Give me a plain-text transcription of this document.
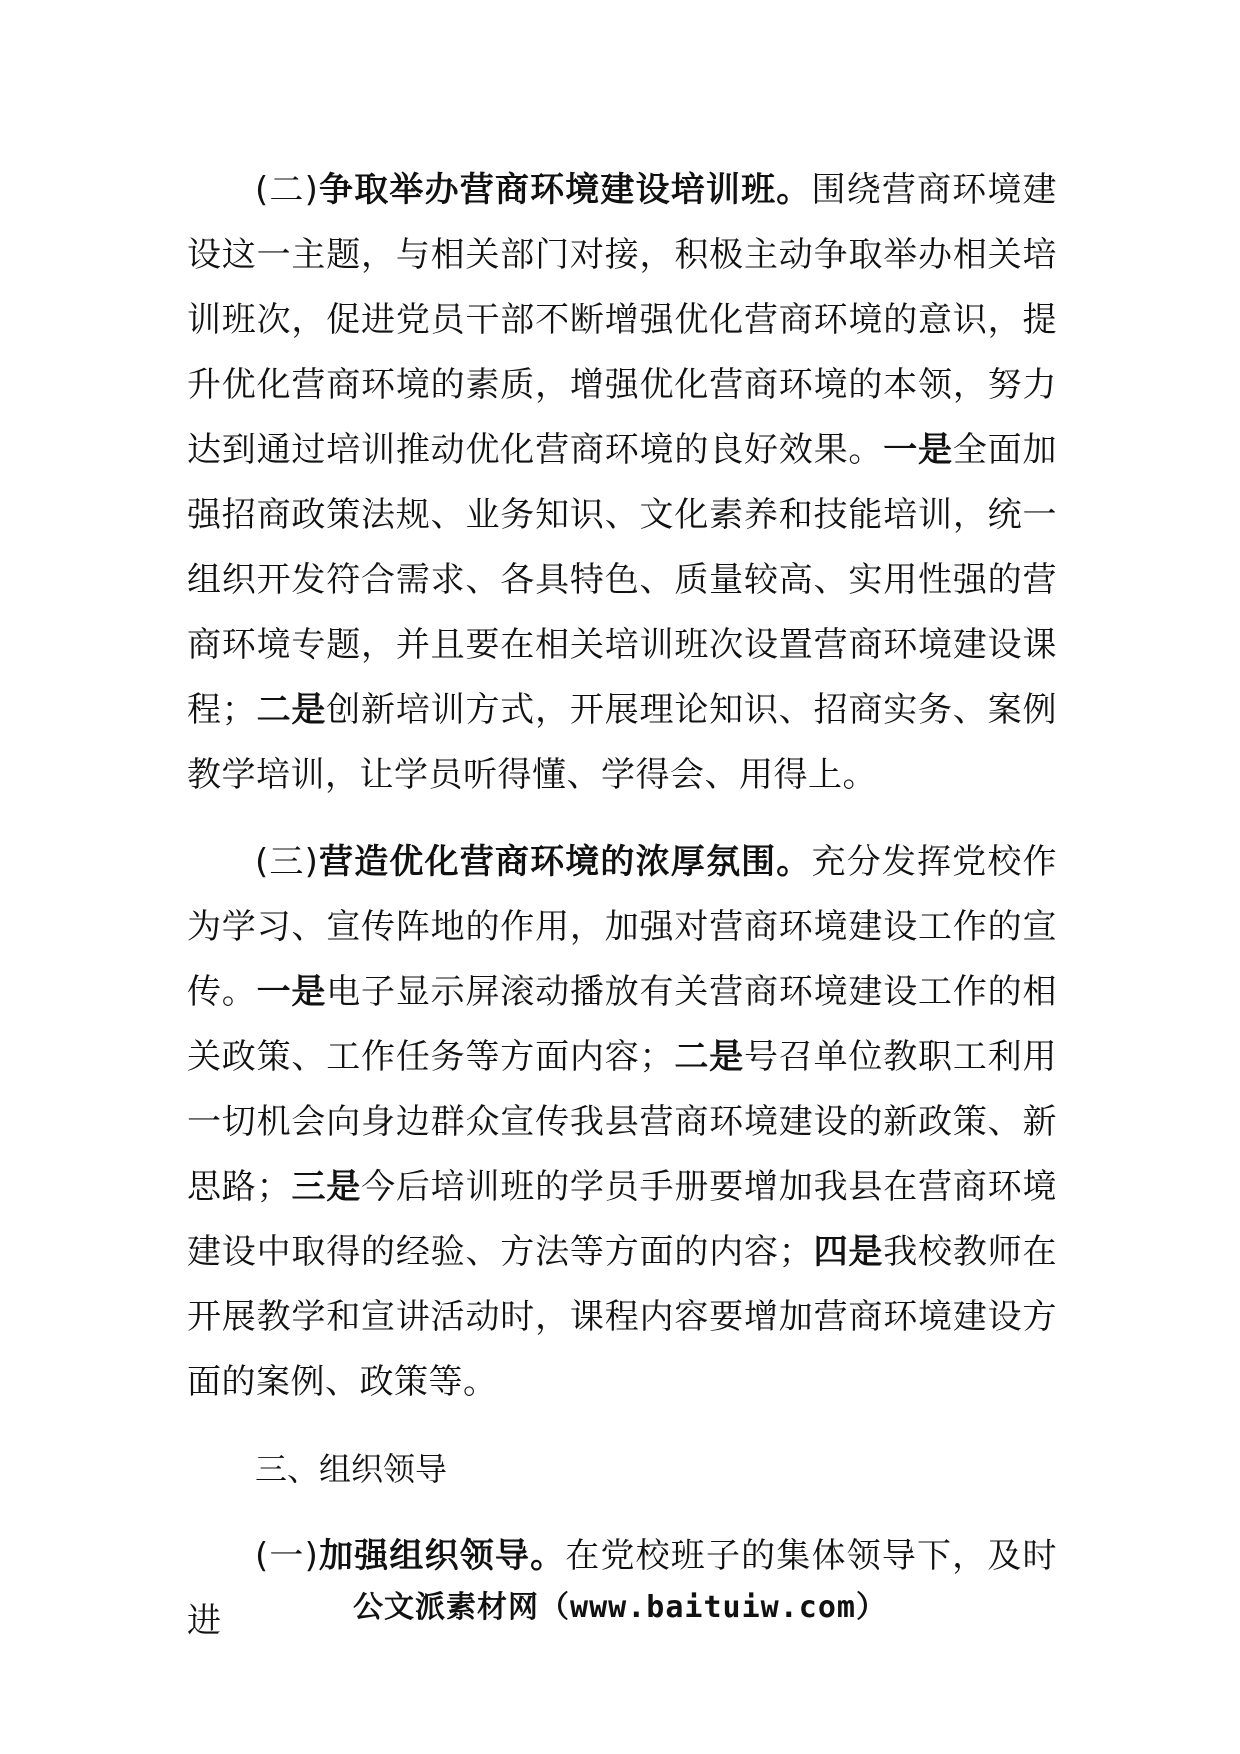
(二)争取举办营商环境建设培训班。围绕营商环境建设这一主题，与相关部门对接，积极主动争取举办相关培训班次，促进党员干部不断增强优化营商环境的意识，提升优化营商环境的素质，增强优化营商环境的本领，努力达到通过培训推动优化营商环境的良好效果。一是全面加强招商政策法规、业务知识、文化素养和技能培训，统一组织开发符合需求、各具特色、质量较高、实用性强的营商环境专题，并且要在相关培训班次设置营商环境建设课程；二是创新培训方式，开展理论知识、招商实务、案例教学培训，让学员听得懂、学得会、用得上。

(三)营造优化营商环境的浓厚氛围。充分发挥党校作为学习、宣传阵地的作用，加强对营商环境建设工作的宣传。一是电子显示屏滚动播放有关营商环境建设工作的相关政策、工作任务等方面内容；二是号召单位教职工利用一切机会向身边群众宣传我县营商环境建设的新政策、新思路；三是今后培训班的学员手册要增加我县在营商环境建设中取得的经验、方法等方面的内容；四是我校教师在开展教学和宣讲活动时，课程内容要增加营商环境建设方面的案例、政策等。

三、组织领导

(一)加强组织领导。在党校班子的集体领导下，及时进	公文派素材网（www.baituiw.com）
